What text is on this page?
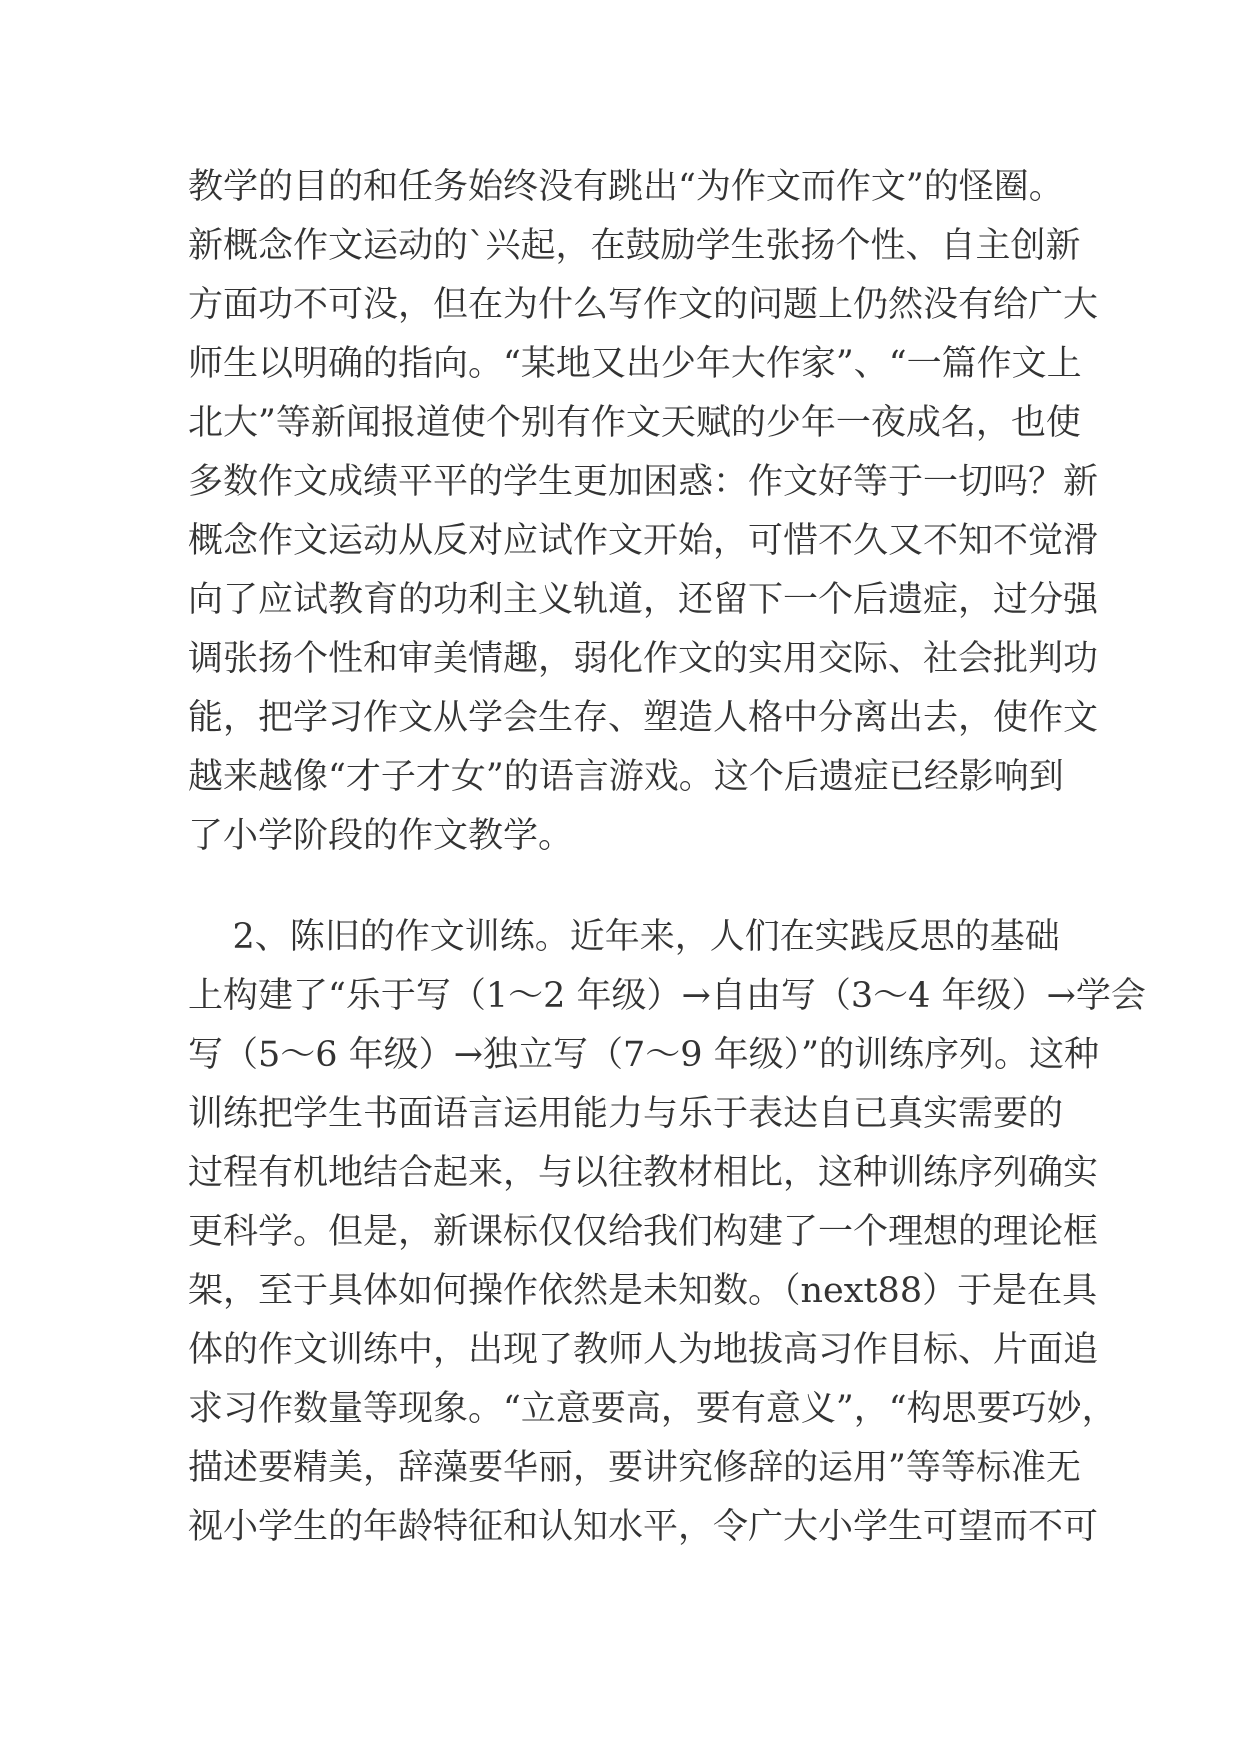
教学的目的和任务始终没有跳出“为作文而作文”的怪圈。
新概念作文运动的`兴起，在鼓励学生张扬个性、自主创新
方面功不可没，但在为什么写作文的问题上仍然没有给广大
师生以明确的指向。“某地又出少年大作家”、“一篇作文上
北大”等新闻报道使个别有作文天赋的少年一夜成名，也使
多数作文成绩平平的学生更加困惑：作文好等于一切吗？新
概念作文运动从反对应试作文开始，可惜不久又不知不觉滑
向了应试教育的功利主义轨道，还留下一个后遗症，过分强
调张扬个性和审美情趣，弱化作文的实用交际、社会批判功
能，把学习作文从学会生存、塑造人格中分离出去，使作文
越来越像“才子才女”的语言游戏。这个后遗症已经影响到
了小学阶段的作文教学。
2、陈旧的作文训练。近年来，人们在实践反思的基础
上构建了“乐于写（1～2 年级）→自由写（3～4 年级）→学会
写（5～6 年级）→独立写（7～9 年级）”的训练序列。这种
训练把学生书面语言运用能力与乐于表达自已真实需要的
过程有机地结合起来，与以往教材相比，这种训练序列确实
更科学。但是，新课标仅仅给我们构建了一个理想的理论框
架，至于具体如何操作依然是未知数。（next88）于是在具
体的作文训练中，出现了教师人为地拔高习作目标、片面追
求习作数量等现象。“立意要高，要有意义”，“构思要巧妙，
描述要精美，辞藻要华丽，要讲究修辞的运用”等等标准无
视小学生的年龄特征和认知水平，令广大小学生可望而不可
